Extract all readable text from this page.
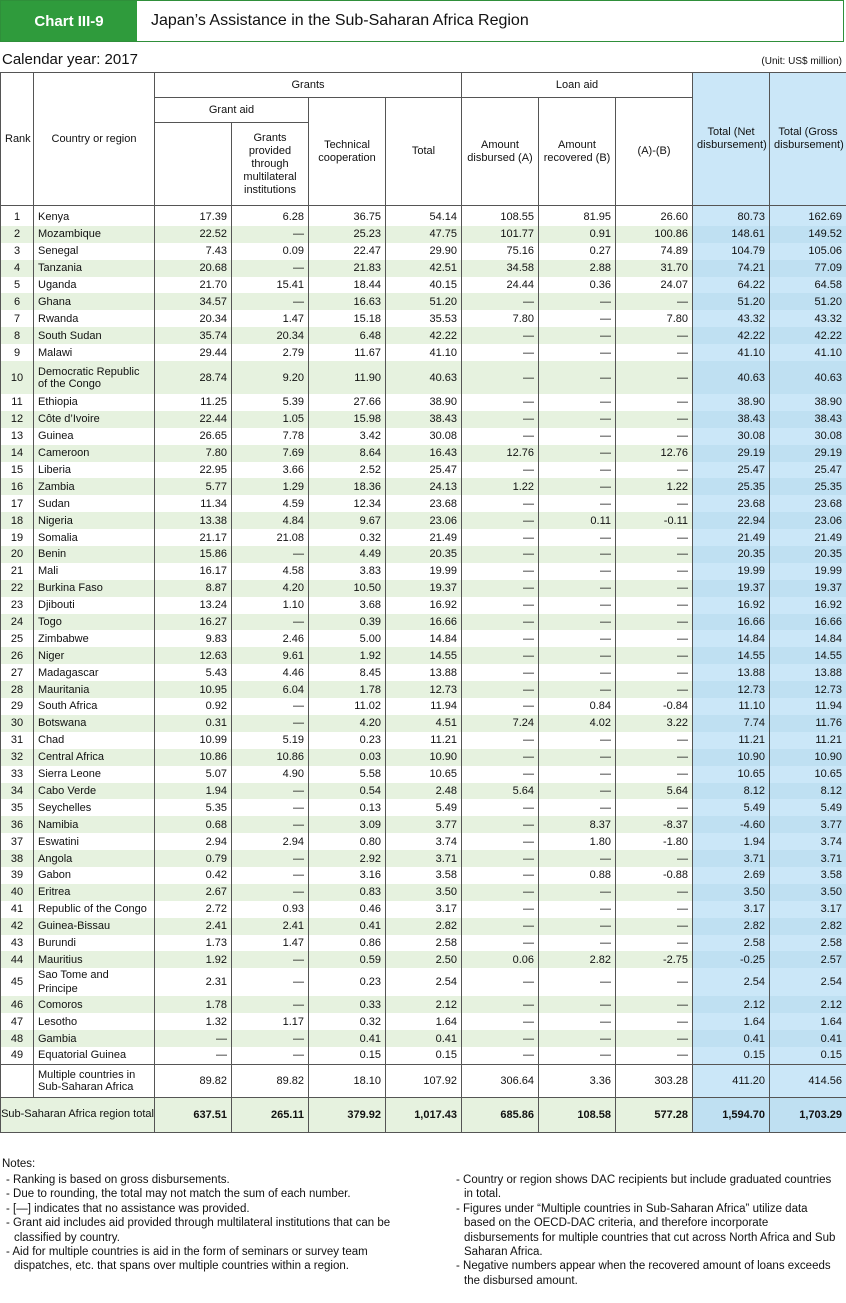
Chart III-9	Japan’s Assistance in the Sub-Saharan Africa Region
Calendar year: 2017	(Unit: US$ million)
Rank	Country or region	Grants				Loan aid			Total (Net disbursement)	Total (Gross disbursement)
		Grant aid		Technical cooperation	Total	Amount disbursed (A)	Amount recovered (B)	(A)-(B)		
			Grants provided through multilateral institutions							
1	Kenya	17.39	6.28	36.75	54.14	108.55	81.95	26.60	80.73	162.69
2	Mozambique	22.52	—	25.23	47.75	101.77	0.91	100.86	148.61	149.52
3	Senegal	7.43	0.09	22.47	29.90	75.16	0.27	74.89	104.79	105.06
4	Tanzania	20.68	—	21.83	42.51	34.58	2.88	31.70	74.21	77.09
5	Uganda	21.70	15.41	18.44	40.15	24.44	0.36	24.07	64.22	64.58
6	Ghana	34.57	—	16.63	51.20	—	—	—	51.20	51.20
7	Rwanda	20.34	1.47	15.18	35.53	7.80	—	7.80	43.32	43.32
8	South Sudan	35.74	20.34	6.48	42.22	—	—	—	42.22	42.22
9	Malawi	29.44	2.79	11.67	41.10	—	—	—	41.10	41.10
10	Democratic Republic of the Congo	28.74	9.20	11.90	40.63	—	—	—	40.63	40.63
11	Ethiopia	11.25	5.39	27.66	38.90	—	—	—	38.90	38.90
12	Côte d’Ivoire	22.44	1.05	15.98	38.43	—	—	—	38.43	38.43
13	Guinea	26.65	7.78	3.42	30.08	—	—	—	30.08	30.08
14	Cameroon	7.80	7.69	8.64	16.43	12.76	—	12.76	29.19	29.19
15	Liberia	22.95	3.66	2.52	25.47	—	—	—	25.47	25.47
16	Zambia	5.77	1.29	18.36	24.13	1.22	—	1.22	25.35	25.35
17	Sudan	11.34	4.59	12.34	23.68	—	—	—	23.68	23.68
18	Nigeria	13.38	4.84	9.67	23.06	—	0.11	-0.11	22.94	23.06
19	Somalia	21.17	21.08	0.32	21.49	—	—	—	21.49	21.49
20	Benin	15.86	—	4.49	20.35	—	—	—	20.35	20.35
21	Mali	16.17	4.58	3.83	19.99	—	—	—	19.99	19.99
22	Burkina Faso	8.87	4.20	10.50	19.37	—	—	—	19.37	19.37
23	Djibouti	13.24	1.10	3.68	16.92	—	—	—	16.92	16.92
24	Togo	16.27	—	0.39	16.66	—	—	—	16.66	16.66
25	Zimbabwe	9.83	2.46	5.00	14.84	—	—	—	14.84	14.84
26	Niger	12.63	9.61	1.92	14.55	—	—	—	14.55	14.55
27	Madagascar	5.43	4.46	8.45	13.88	—	—	—	13.88	13.88
28	Mauritania	10.95	6.04	1.78	12.73	—	—	—	12.73	12.73
29	South Africa	0.92	—	11.02	11.94	—	0.84	-0.84	11.10	11.94
30	Botswana	0.31	—	4.20	4.51	7.24	4.02	3.22	7.74	11.76
31	Chad	10.99	5.19	0.23	11.21	—	—	—	11.21	11.21
32	Central Africa	10.86	10.86	0.03	10.90	—	—	—	10.90	10.90
33	Sierra Leone	5.07	4.90	5.58	10.65	—	—	—	10.65	10.65
34	Cabo Verde	1.94	—	0.54	2.48	5.64	—	5.64	8.12	8.12
35	Seychelles	5.35	—	0.13	5.49	—	—	—	5.49	5.49
36	Namibia	0.68	—	3.09	3.77	—	8.37	-8.37	-4.60	3.77
37	Eswatini	2.94	2.94	0.80	3.74	—	1.80	-1.80	1.94	3.74
38	Angola	0.79	—	2.92	3.71	—	—	—	3.71	3.71
39	Gabon	0.42	—	3.16	3.58	—	0.88	-0.88	2.69	3.58
40	Eritrea	2.67	—	0.83	3.50	—	—	—	3.50	3.50
41	Republic of the Congo	2.72	0.93	0.46	3.17	—	—	—	3.17	3.17
42	Guinea-Bissau	2.41	2.41	0.41	2.82	—	—	—	2.82	2.82
43	Burundi	1.73	1.47	0.86	2.58	—	—	—	2.58	2.58
44	Mauritius	1.92	—	0.59	2.50	0.06	2.82	-2.75	-0.25	2.57
45	Sao Tome and Principe	2.31	—	0.23	2.54	—	—	—	2.54	2.54
46	Comoros	1.78	—	0.33	2.12	—	—	—	2.12	2.12
47	Lesotho	1.32	1.17	0.32	1.64	—	—	—	1.64	1.64
48	Gambia	—	—	0.41	0.41	—	—	—	0.41	0.41
49	Equatorial Guinea	—	—	0.15	0.15	—	—	—	0.15	0.15
	Multiple countries in Sub-Saharan Africa	89.82	89.82	18.10	107.92	306.64	3.36	303.28	411.20	414.56
Sub-Saharan Africa region total		637.51	265.11	379.92	1,017.43	685.86	108.58	577.28	1,594.70	1,703.29
Notes:
- Ranking is based on gross disbursements.
- Due to rounding, the total may not match the sum of each number.
- [—] indicates that no assistance was provided.
- Grant aid includes aid provided through multilateral institutions that can be classified by country.
- Aid for multiple countries is aid in the form of seminars or survey team dispatches, etc. that spans over multiple countries within a region.
- Country or region shows DAC recipients but include graduated countries in total.
- Figures under “Multiple countries in Sub-Saharan Africa” utilize data based on the OECD-DAC criteria, and therefore incorporate disbursements for multiple countries that cut across North Africa and Sub Saharan Africa.
- Negative numbers appear when the recovered amount of loans exceeds the disbursed amount.
